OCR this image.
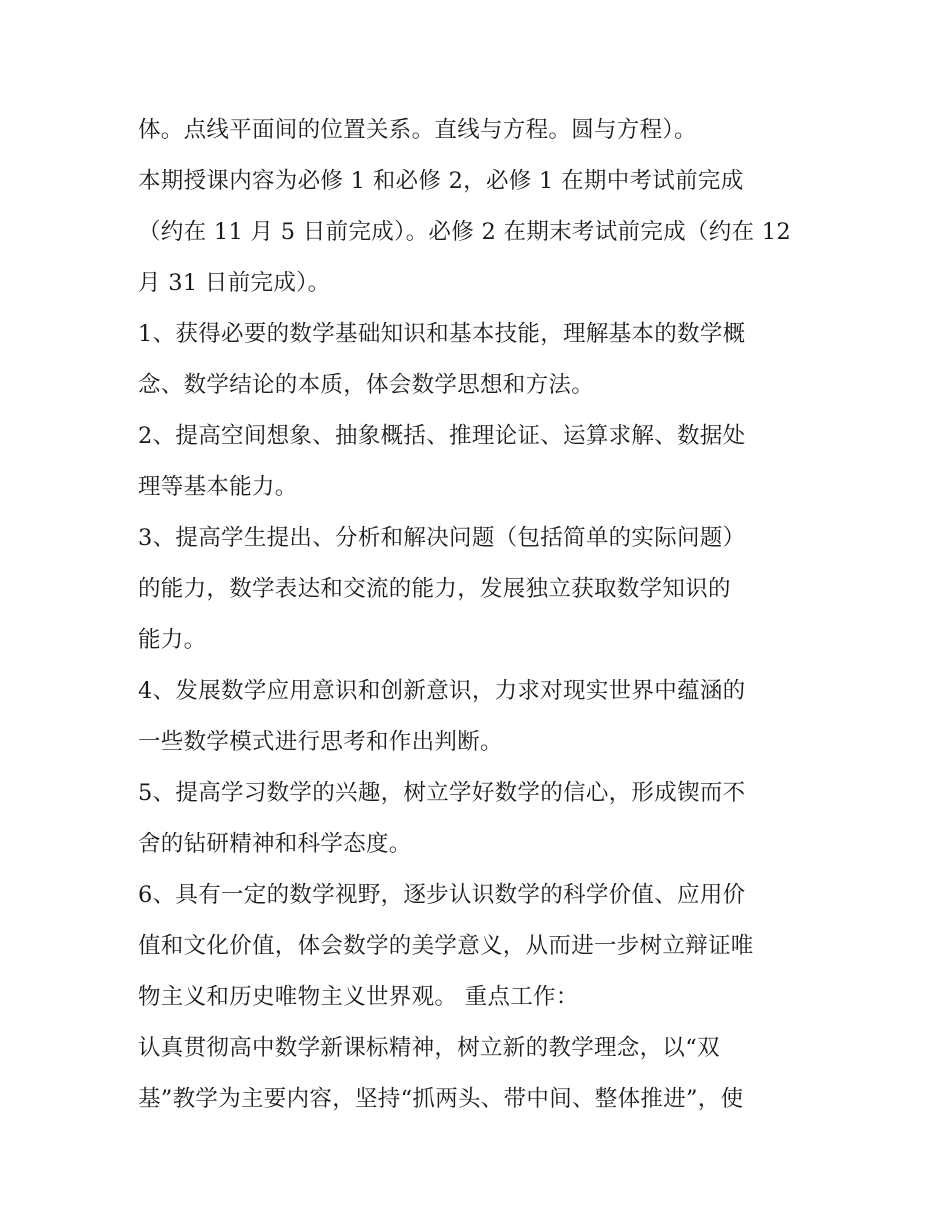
体。点线平面间的位置关系。直线与方程。圆与方程）。
本期授课内容为必修 1 和必修 2，必修 1 在期中考试前完成
（约在 11 月 5 日前完成）。必修 2 在期末考试前完成（约在 12
月 31 日前完成）。
1、获得必要的数学基础知识和基本技能，理解基本的数学概
念、数学结论的本质，体会数学思想和方法。
2、提高空间想象、抽象概括、推理论证、运算求解、数据处
理等基本能力。
3、提高学生提出、分析和解决问题（包括简单的实际问题）
的能力，数学表达和交流的能力，发展独立获取数学知识的
能力。
4、发展数学应用意识和创新意识，力求对现实世界中蕴涵的
一些数学模式进行思考和作出判断。
5、提高学习数学的兴趣，树立学好数学的信心，形成锲而不
舍的钻研精神和科学态度。
6、具有一定的数学视野，逐步认识数学的科学价值、应用价
值和文化价值，体会数学的美学意义，从而进一步树立辩证唯
物主义和历史唯物主义世界观。 重点工作：
认真贯彻高中数学新课标精神，树立新的教学理念，以“双
基”教学为主要内容，坚持“抓两头、带中间、整体推进”，使
